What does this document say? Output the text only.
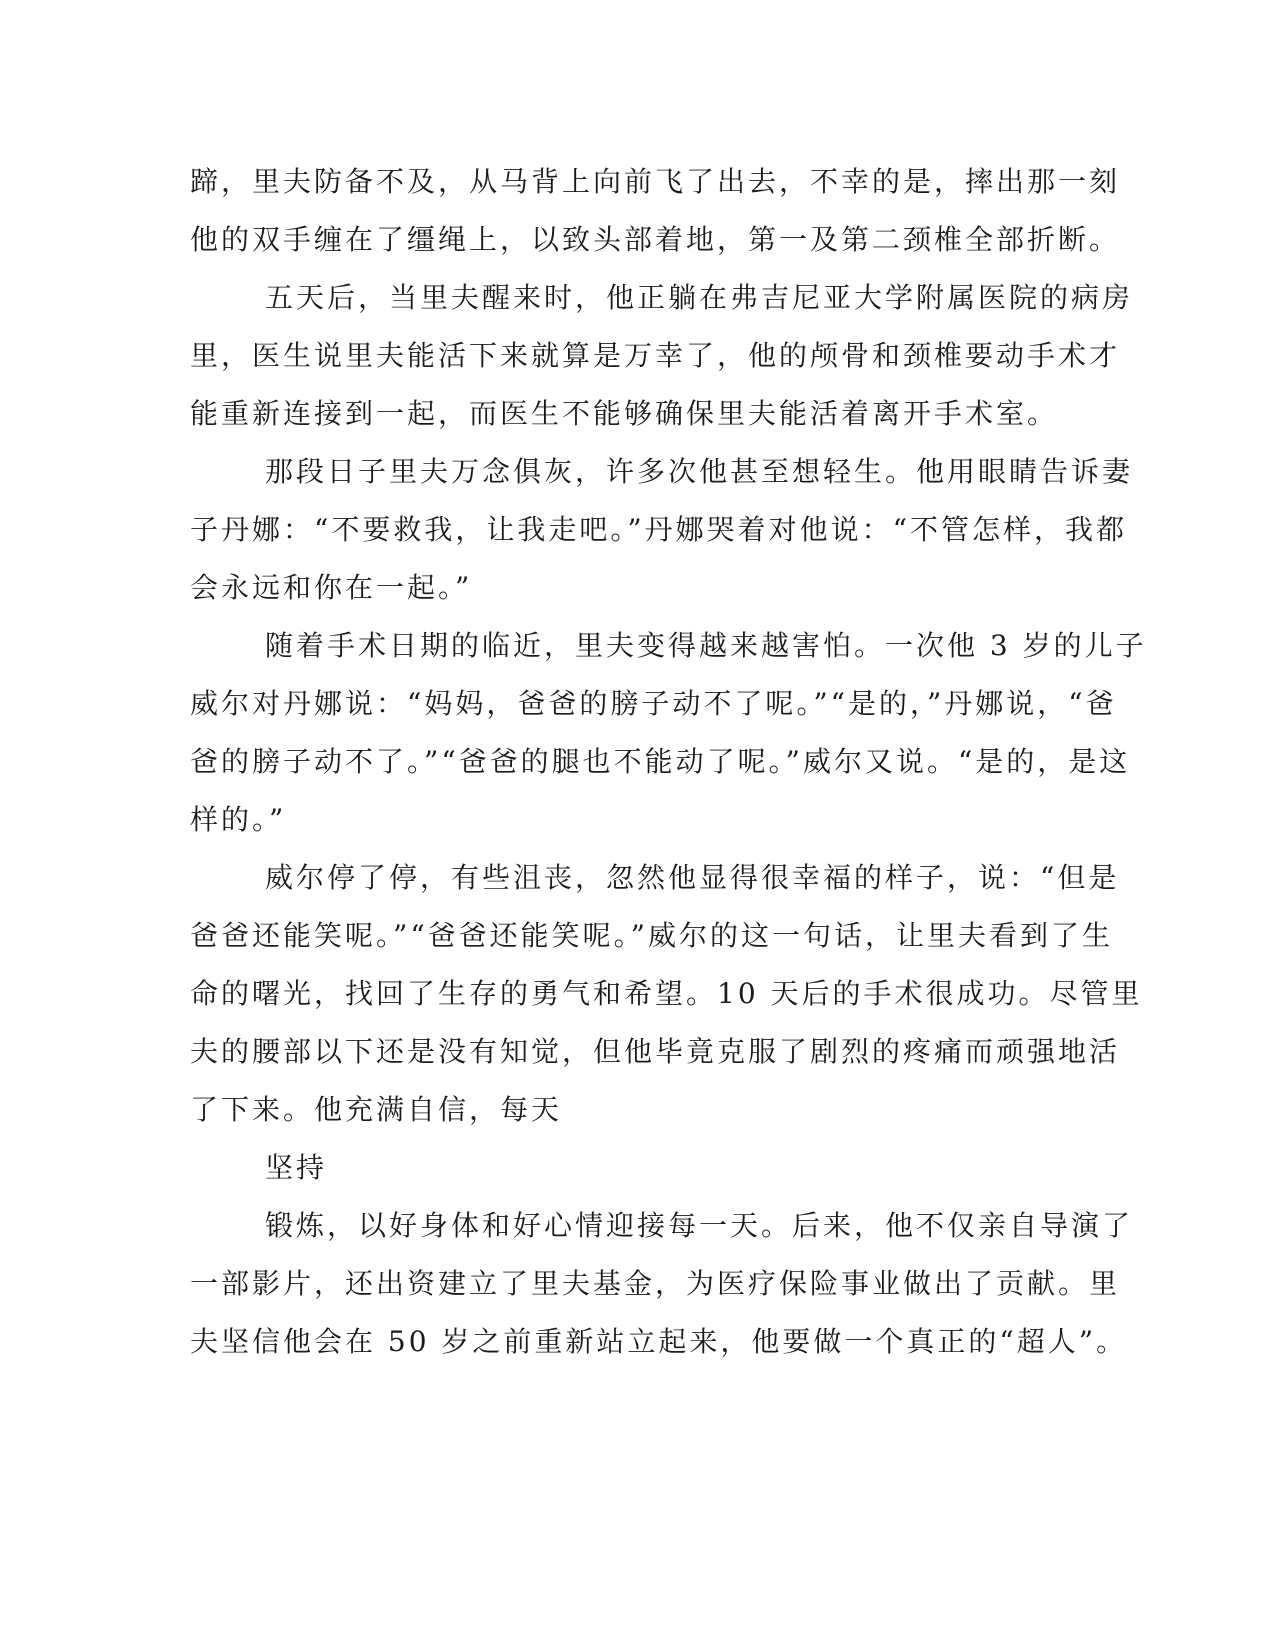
蹄，里夫防备不及，从马背上向前飞了出去，不幸的是，摔出那一刻
他的双手缠在了缰绳上，以致头部着地，第一及第二颈椎全部折断。
五天后，当里夫醒来时，他正躺在弗吉尼亚大学附属医院的病房
里，医生说里夫能活下来就算是万幸了，他的颅骨和颈椎要动手术才
能重新连接到一起，而医生不能够确保里夫能活着离开手术室。
那段日子里夫万念俱灰，许多次他甚至想轻生。他用眼睛告诉妻
子丹娜：“不要救我，让我走吧。”丹娜哭着对他说：“不管怎样，我都
会永远和你在一起。”
随着手术日期的临近，里夫变得越来越害怕。一次他 3 岁的儿子
威尔对丹娜说：“妈妈，爸爸的膀子动不了呢。”“是的，”丹娜说，“爸
爸的膀子动不了。”“爸爸的腿也不能动了呢。”威尔又说。“是的，是这
样的。”
威尔停了停，有些沮丧，忽然他显得很幸福的样子，说：“但是
爸爸还能笑呢。”“爸爸还能笑呢。”威尔的这一句话，让里夫看到了生
命的曙光，找回了生存的勇气和希望。10 天后的手术很成功。尽管里
夫的腰部以下还是没有知觉，但他毕竟克服了剧烈的疼痛而顽强地活
了下来。他充满自信，每天
坚持
锻炼，以好身体和好心情迎接每一天。后来，他不仅亲自导演了
一部影片，还出资建立了里夫基金，为医疗保险事业做出了贡献。里
夫坚信他会在 50 岁之前重新站立起来，他要做一个真正的“超人”。
